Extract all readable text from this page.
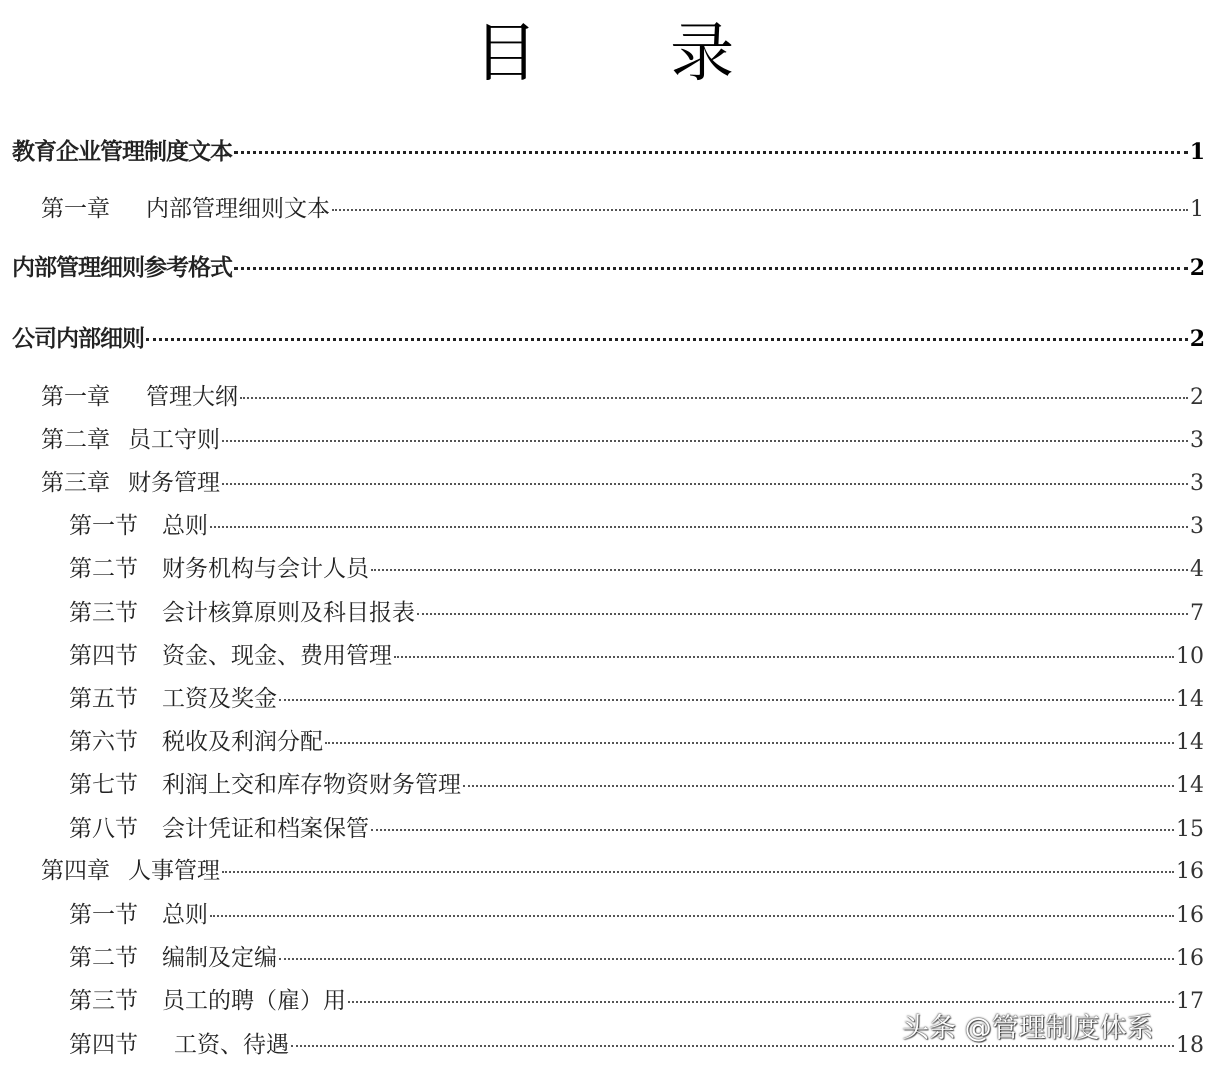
目 录
教育企业管理制度文本	1
第一章 内部管理细则文本	1
内部管理细则参考格式	2
公司内部细则	2
第一章 管理大纲	2
第二章 员工守则	3
第三章 财务管理	3
第一节 总则	3
第二节 财务机构与会计人员	4
第三节 会计核算原则及科目报表	7
第四节 资金、现金、费用管理	10
第五节 工资及奖金	14
第六节 税收及利润分配	14
第七节 利润上交和库存物资财务管理	14
第八节 会计凭证和档案保管	15
第四章 人事管理	16
第一节 总则	16
第二节 编制及定编	16
第三节 员工的聘（雇）用	17
第四节 工资、待遇	18
头条 @管理制度体系
